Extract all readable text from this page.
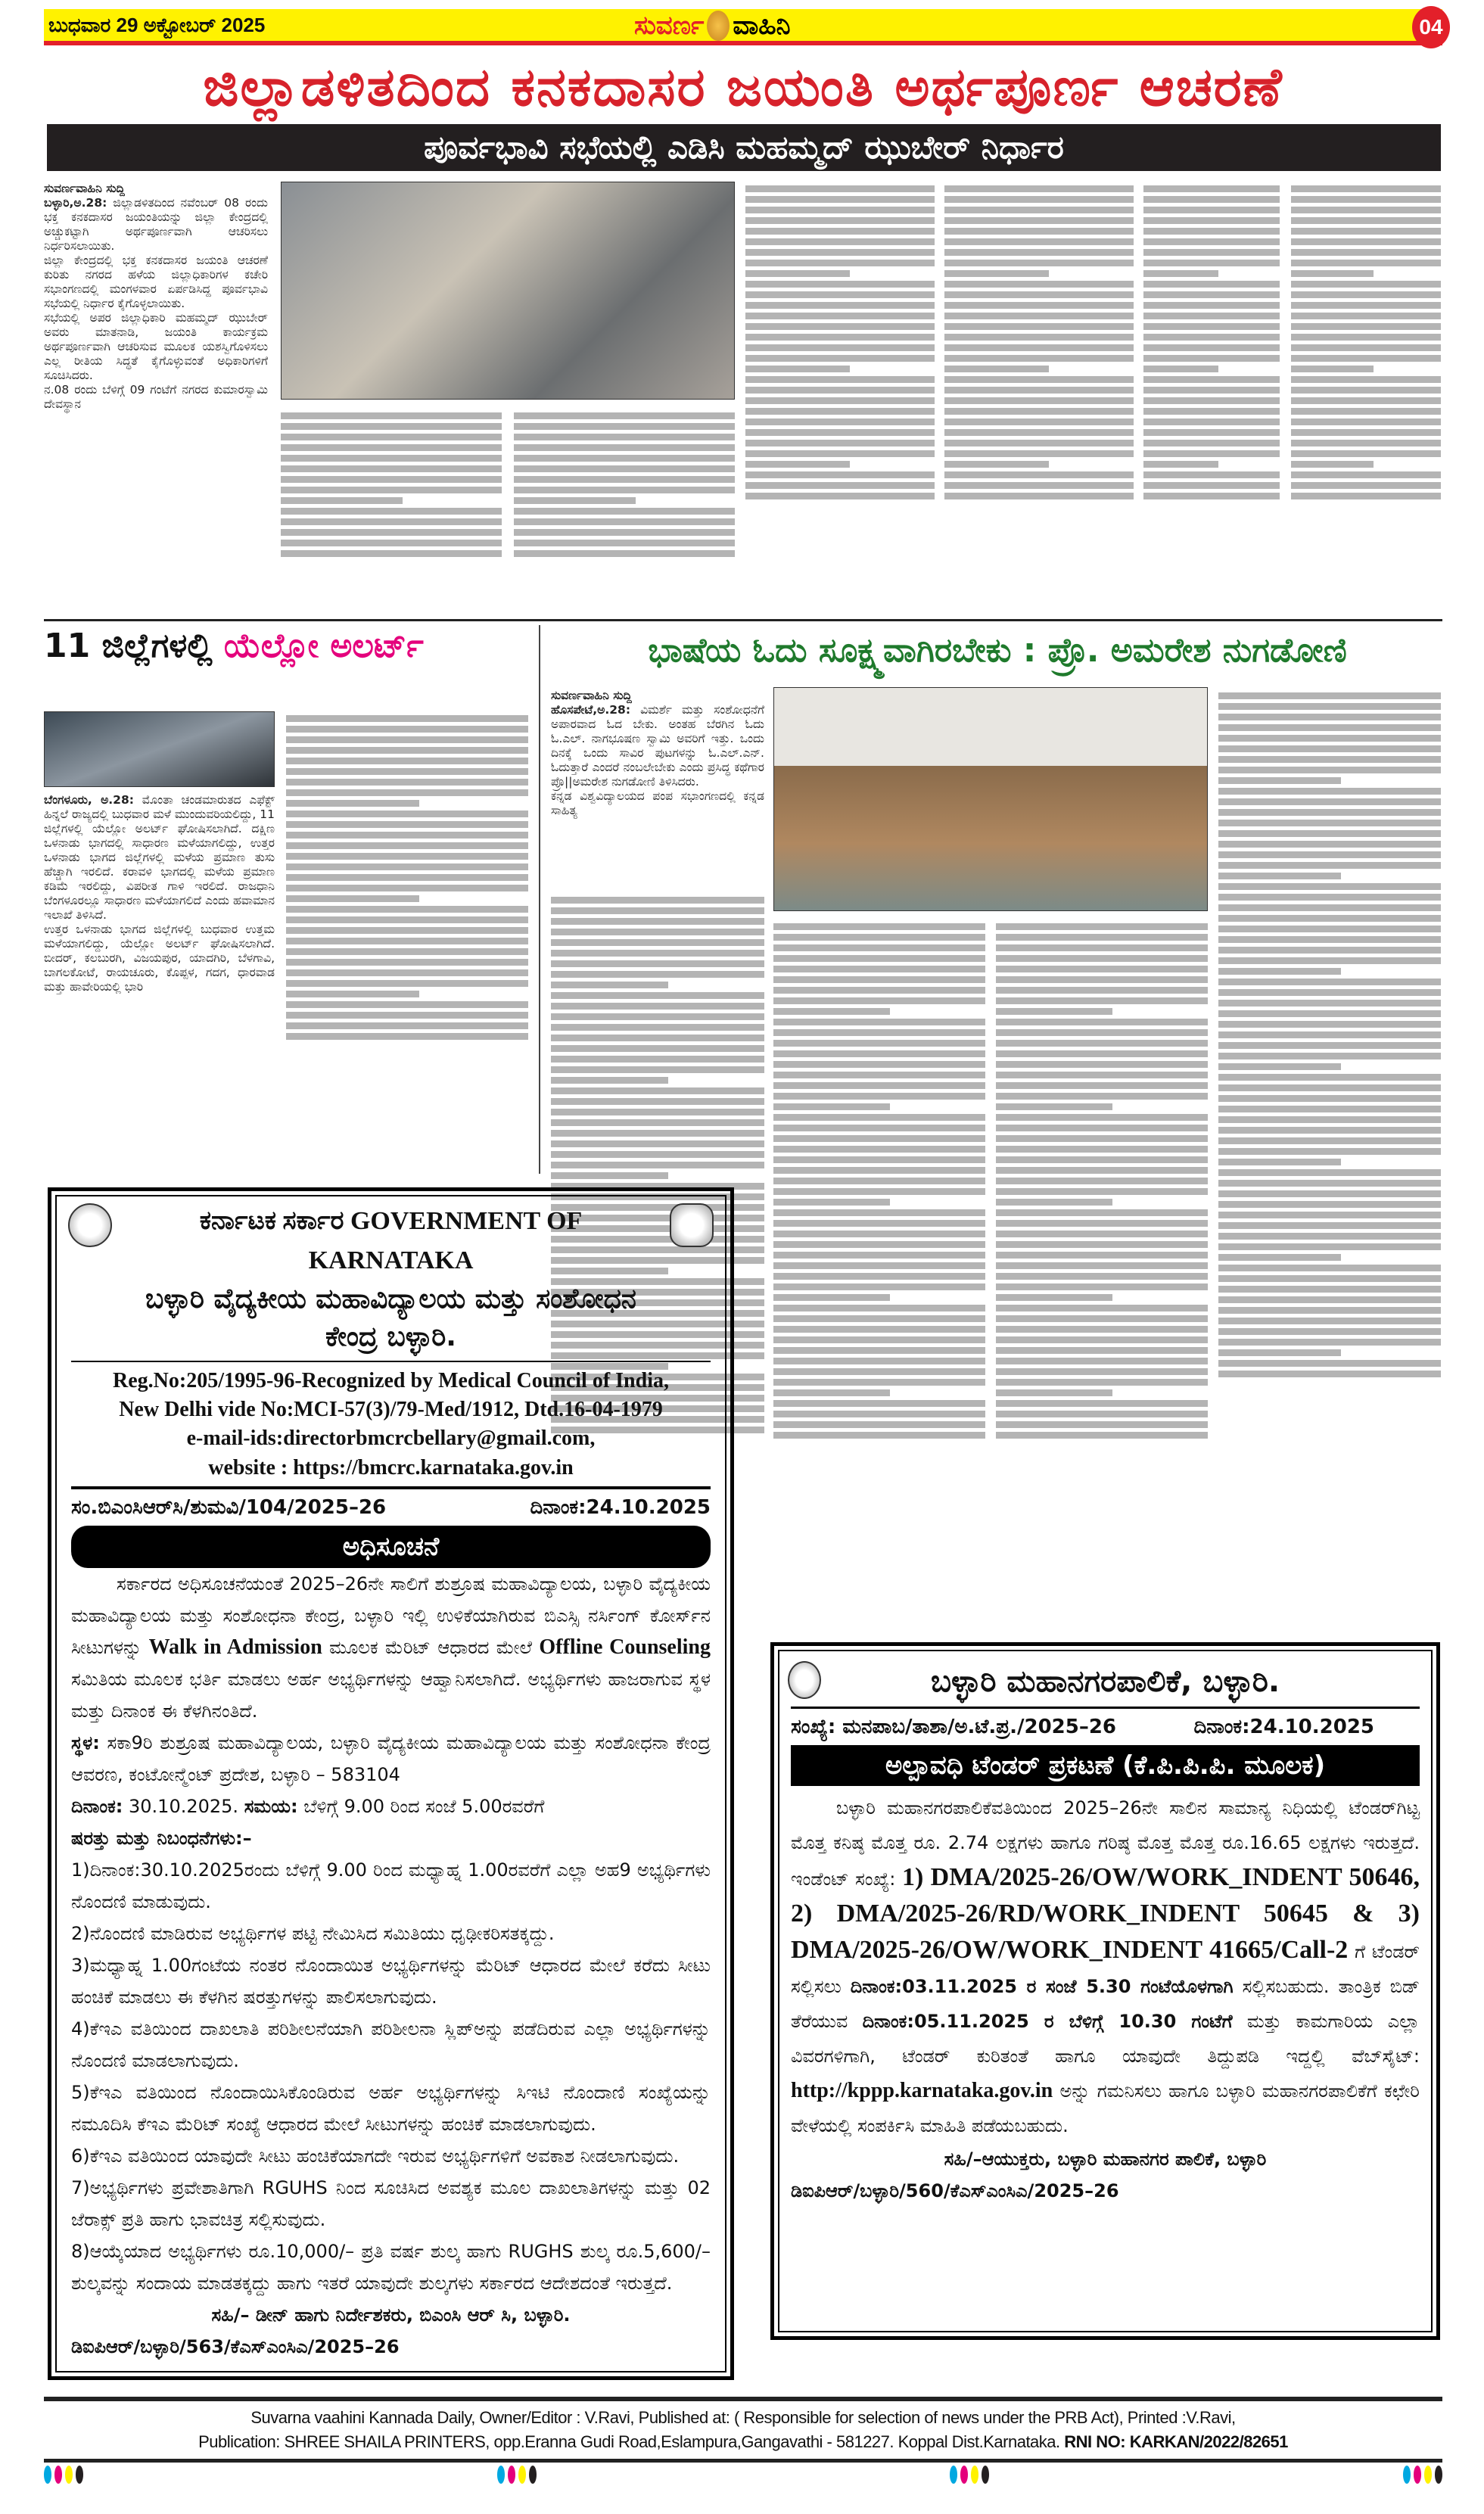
ಬುಧವಾರ 29 ಅಕ್ಟೋಬರ್ 2025	ಸುವರ್ಣ ವಾಹಿನಿ	04
ಜಿಲ್ಲಾಡಳಿತದಿಂದ ಕನಕದಾಸರ ಜಯಂತಿ ಅರ್ಥಪೂರ್ಣ ಆಚರಣೆ
ಪೂರ್ವಭಾವಿ ಸಭೆಯಲ್ಲಿ ಎಡಿಸಿ ಮಹಮ್ಮದ್ ಝುಬೇರ್ ನಿರ್ಧಾರ

ಸುವರ್ಣವಾಹಿನಿ ಸುದ್ದಿ

ಬಳ್ಳಾರಿ,ಅ.28: ಜಿಲ್ಲಾಡಳಿತದಿಂದ ನವೆಂಬರ್ 08 ರಂದು ಭಕ್ತ ಕನಕದಾಸರ ಜಯಂತಿಯನ್ನು ಜಿಲ್ಲಾ ಕೇಂದ್ರದಲ್ಲಿ ಅಚ್ಚುಕಟ್ಟಾಗಿ ಅರ್ಥಪೂರ್ಣವಾಗಿ ಆಚರಿಸಲು ನಿರ್ಧರಿಸಲಾಯಿತು.

ಜಿಲ್ಲಾ ಕೇಂದ್ರದಲ್ಲಿ ಭಕ್ತ ಕನಕದಾಸರ ಜಯಂತಿ ಆಚರಣೆ ಕುರಿತು ನಗರದ ಹಳೆಯ ಜಿಲ್ಲಾಧಿಕಾರಿಗಳ ಕಚೇರಿ ಸಭಾಂಗಣದಲ್ಲಿ ಮಂಗಳವಾರ ಏರ್ಪಡಿಸಿದ್ದ ಪೂರ್ವಭಾವಿ ಸಭೆಯಲ್ಲಿ ನಿರ್ಧಾರ ಕೈಗೊಳ್ಳಲಾಯಿತು.

ಸಭೆಯಲ್ಲಿ ಅಪರ ಜಿಲ್ಲಾಧಿಕಾರಿ ಮಹಮ್ಮದ್ ಝುಬೇರ್ ಅವರು ಮಾತನಾಡಿ, ಜಯಂತಿ ಕಾರ್ಯಕ್ರಮ ಅರ್ಥಪೂರ್ಣವಾಗಿ ಆಚರಿಸುವ ಮೂಲಕ ಯಶಸ್ವಿಗೊಳಿಸಲು ಎಲ್ಲ ರೀತಿಯ ಸಿದ್ಧತೆ ಕೈಗೊಳ್ಳುವಂತೆ ಅಧಿಕಾರಿಗಳಿಗೆ ಸೂಚಿಸಿದರು.

ನ.08 ರಂದು ಬೆಳಿಗ್ಗೆ 09 ಗಂಟೆಗೆ ನಗರದ ಕುಮಾರಸ್ವಾಮಿ ದೇವಸ್ಥಾನ

11 ಜಿಲ್ಲೆಗಳಲ್ಲಿ ಯೆಲ್ಲೋ ಅಲರ್ಟ್

ಬೆಂಗಳೂರು, ಅ.28: ಮೊಂತಾ ಚಂಡಮಾರುತದ ಎಫೆಕ್ಟ್ ಹಿನ್ನಲೆ ರಾಜ್ಯದಲ್ಲಿ ಬುಧವಾರ ಮಳೆ ಮುಂದುವರಿಯಲಿದ್ದು, 11 ಜಿಲ್ಲೆಗಳಲ್ಲಿ ಯೆಲ್ಲೋ ಅಲರ್ಟ್ ಘೋಷಿಸಲಾಗಿದೆ. ದಕ್ಷಿಣ ಒಳನಾಡು ಭಾಗದಲ್ಲಿ ಸಾಧಾರಣ ಮಳೆಯಾಗಲಿದ್ದು, ಉತ್ತರ ಒಳನಾಡು ಭಾಗದ ಜಿಲ್ಲೆಗಳಲ್ಲಿ ಮಳೆಯ ಪ್ರಮಾಣ ತುಸು ಹೆಚ್ಚಾಗಿ ಇರಲಿದೆ. ಕರಾವಳಿ ಭಾಗದಲ್ಲಿ ಮಳೆಯ ಪ್ರಮಾಣ ಕಡಿಮೆ ಇರಲಿದ್ದು, ವಿಪರೀತ ಗಾಳಿ ಇರಲಿದೆ. ರಾಜಧಾನಿ ಬೆಂಗಳೂರಲ್ಲೂ ಸಾಧಾರಣ ಮಳೆಯಾಗಲಿದೆ ಎಂದು ಹವಾಮಾನ ಇಲಾಖೆ ತಿಳಿಸಿದೆ.

ಉತ್ತರ ಒಳನಾಡು ಭಾಗದ ಜಿಲ್ಲೆಗಳಲ್ಲಿ ಬುಧವಾರ ಉತ್ತಮ ಮಳೆಯಾಗಲಿದ್ದು, ಯೆಲ್ಲೋ ಅಲರ್ಟ್ ಘೋಷಿಸಲಾಗಿದೆ. ಬೀದರ್, ಕಲಬುರಗಿ, ವಿಜಯಪುರ, ಯಾದಗಿರಿ, ಬೆಳಗಾವಿ, ಬಾಗಲಕೋಟೆ, ರಾಯಚೂರು, ಕೊಪ್ಪಳ, ಗದಗ, ಧಾರವಾಡ ಮತ್ತು ಹಾವೇರಿಯಲ್ಲಿ ಭಾರಿ

ಭಾಷೆಯ ಓದು ಸೂಕ್ಷ್ಮವಾಗಿರಬೇಕು : ಪ್ರೊ. ಅಮರೇಶ ನುಗಡೋಣಿ

ಸುವರ್ಣವಾಹಿನಿ ಸುದ್ದಿ

ಹೊಸಪೇಟೆ,ಅ.28: ವಿಮರ್ಶೆ ಮತ್ತು ಸಂಶೋಧನೆಗೆ ಅಪಾರವಾದ ಓದ ಬೇಕು. ಅಂತಹ ಬೆರಗಿನ ಓದು ಓ.ಎಲ್. ನಾಗಭೂಷಣ ಸ್ವಾಮಿ ಅವರಿಗೆ ಇತ್ತು. ಒಂದು ದಿನಕ್ಕೆ ಒಂದು ಸಾವಿರ ಪುಟಗಳನ್ನು ಓ.ಎಲ್.ಎನ್. ಓದುತ್ತಾರೆ ಎಂದರೆ ನಂಬಲೇಬೇಕು ಎಂದು ಪ್ರಸಿದ್ಧ ಕಥೆಗಾರ ಪ್ರೊ||ಅಮರೇಶ ನುಗಡೋಣಿ ತಿಳಿಸಿದರು.

ಕನ್ನಡ ವಿಶ್ವವಿದ್ಯಾಲಯದ ಪಂಪ ಸಭಾಂಗಣದಲ್ಲಿ ಕನ್ನಡ ಸಾಹಿತ್ಯ

ಕರ್ನಾಟಕ ಸರ್ಕಾರ GOVERNMENT OF KARNATAKA
ಬಳ್ಳಾರಿ ವೈದ್ಯಕೀಯ ಮಹಾವಿದ್ಯಾಲಯ ಮತ್ತು ಸಂಶೋಧನ ಕೇಂದ್ರ ಬಳ್ಳಾರಿ.
Reg.No:205/1995-96-Recognized by Medical Council of India,
New Delhi vide No:MCI-57(3)/79-Med/1912, Dtd.16-04-1979
e-mail-ids:directorbmcrcbellary@gmail.com,
website : https://bmcrc.karnataka.gov.in
ಸಂ.ಬಿಎಂಸಿಆರ್‌ಸಿ/ಶುಮವಿ/104/2025–26	ದಿನಾಂಕ:24.10.2025
ಅಧಿಸೂಚನೆ
ಸರ್ಕಾರದ ಅಧಿಸೂಚನೆಯಂತೆ 2025–26ನೇ ಸಾಲಿಗೆ ಶುಶ್ರೂಷ ಮಹಾವಿದ್ಯಾಲಯ, ಬಳ್ಳಾರಿ ವೈದ್ಯಕೀಯ ಮಹಾವಿದ್ಯಾಲಯ ಮತ್ತು ಸಂಶೋಧನಾ ಕೇಂದ್ರ, ಬಳ್ಳಾರಿ ಇಲ್ಲಿ ಉಳಿಕೆಯಾಗಿರುವ ಬಿಎಸ್ಸಿ ನರ್ಸಿಂಗ್ ಕೋರ್ಸ್‌ನ ಸೀಟುಗಳನ್ನು Walk in Admission ಮೂಲಕ ಮೆರಿಟ್ ಆಧಾರದ ಮೇಲೆ Offline Counseling ಸಮಿತಿಯ ಮೂಲಕ ಭರ್ತಿ ಮಾಡಲು ಅರ್ಹ ಅಭ್ಯರ್ಥಿಗಳನ್ನು ಆಹ್ವಾನಿಸಲಾಗಿದೆ. ಅಭ್ಯರ್ಥಿಗಳು ಹಾಜರಾಗುವ ಸ್ಥಳ ಮತ್ತು ದಿನಾಂಕ ಈ ಕೆಳಗಿನಂತಿದೆ.
ಸ್ಥಳ: ಸಕಾ9ರಿ ಶುಶ್ರೂಷ ಮಹಾವಿದ್ಯಾಲಯ, ಬಳ್ಳಾರಿ ವೈದ್ಯಕೀಯ ಮಹಾವಿದ್ಯಾಲಯ ಮತ್ತು ಸಂಶೋಧನಾ ಕೇಂದ್ರ ಆವರಣ, ಕಂಟೋನ್ಮೆಂಟ್ ಪ್ರದೇಶ, ಬಳ್ಳಾರಿ – 583104
ದಿನಾಂಕ: 30.10.2025. ಸಮಯ: ಬೆಳಿಗ್ಗೆ 9.00 ರಿಂದ ಸಂಜೆ 5.00ರವರೆಗೆ
ಷರತ್ತು ಮತ್ತು ನಿಬಂಧನೆಗಳು:–
1)ದಿನಾಂಕ:30.10.2025ರಂದು ಬೆಳಿಗ್ಗೆ 9.00 ರಿಂದ ಮಧ್ಯಾಹ್ನ 1.00ರವರೆಗೆ ಎಲ್ಲಾ ಅಹ9 ಅಭ್ಯರ್ಥಿಗಳು ನೊಂದಣಿ ಮಾಡುವುದು.
2)ನೊಂದಣಿ ಮಾಡಿರುವ ಅಭ್ಯರ್ಥಿಗಳ ಪಟ್ಟಿ ನೇಮಿಸಿದ ಸಮಿತಿಯು ಧೃಢೀಕರಿಸತಕ್ಕದ್ದು.
3)ಮಧ್ಯಾಹ್ನ 1.00ಗಂಟೆಯ ನಂತರ ನೊಂದಾಯಿತ ಅಭ್ಯರ್ಥಿಗಳನ್ನು ಮೆರಿಟ್ ಆಧಾರದ ಮೇಲೆ ಕರೆದು ಸೀಟು ಹಂಚಿಕೆ ಮಾಡಲು ಈ ಕೆಳಗಿನ ಷರತ್ತುಗಳನ್ನು ಪಾಲಿಸಲಾಗುವುದು.
4)ಕೆಇಎ ವತಿಯಿಂದ ದಾಖಲಾತಿ ಪರಿಶೀಲನೆಯಾಗಿ ಪರಿಶೀಲನಾ ಸ್ಲಿಪ್‌ಅನ್ನು ಪಡೆದಿರುವ ಎಲ್ಲಾ ಅಭ್ಯರ್ಥಿಗಳನ್ನು ನೊಂದಣಿ ಮಾಡಲಾಗುವುದು.
5)ಕೆಇಎ ವತಿಯಿಂದ ನೊಂದಾಯಿಸಿಕೊಂಡಿರುವ ಅರ್ಹ ಅಭ್ಯರ್ಥಿಗಳನ್ನು ಸಿಇಟಿ ನೊಂದಾಣಿ ಸಂಖ್ಯೆಯನ್ನು ನಮೂದಿಸಿ ಕೆಇಎ ಮೆರಿಟ್ ಸಂಖ್ಯೆ ಆಧಾರದ ಮೇಲೆ ಸೀಟುಗಳನ್ನು ಹಂಚಿಕೆ ಮಾಡಲಾಗುವುದು.
6)ಕೆಇಎ ವತಿಯಿಂದ ಯಾವುದೇ ಸೀಟು ಹಂಚಿಕೆಯಾಗದೇ ಇರುವ ಅಭ್ಯರ್ಥಿಗಳಿಗೆ ಅವಕಾಶ ನೀಡಲಾಗುವುದು.
7)ಅಭ್ಯರ್ಥಿಗಳು ಪ್ರವೇಶಾತಿಗಾಗಿ RGUHS ನಿಂದ ಸೂಚಿಸಿದ ಅವಶ್ಯಕ ಮೂಲ ದಾಖಲಾತಿಗಳನ್ನು ಮತ್ತು 02 ಜೆರಾಕ್ಸ್ ಪ್ರತಿ ಹಾಗು ಭಾವಚಿತ್ರ ಸಲ್ಲಿಸುವುದು.
8)ಆಯ್ಕೆಯಾದ ಅಭ್ಯರ್ಥಿಗಳು ರೂ.10,000/– ಪ್ರತಿ ವರ್ಷ ಶುಲ್ಕ ಹಾಗು RUGHS ಶುಲ್ಕ ರೂ.5,600/– ಶುಲ್ಕವನ್ನು ಸಂದಾಯ ಮಾಡತಕ್ಕದ್ದು ಹಾಗು ಇತರೆ ಯಾವುದೇ ಶುಲ್ಕಗಳು ಸರ್ಕಾರದ ಆದೇಶದಂತೆ ಇರುತ್ತದೆ.
ಸಹಿ/– ಡೀನ್ ಹಾಗು ನಿರ್ದೇಶಕರು, ಬಿಎಂಸಿ ಆರ್ ಸಿ, ಬಳ್ಳಾರಿ.
ಡಿಐಪಿಆರ್/ಬಳ್ಳಾರಿ/563/ಕೆಎಸ್‌ಎಂಸಿಎ/2025–26
ಬಳ್ಳಾರಿ ಮಹಾನಗರಪಾಲಿಕೆ, ಬಳ್ಳಾರಿ.
ಸಂಖ್ಯೆ: ಮನಪಾಬ/ತಾಶಾ/ಅ.ಟೆ.ಪ್ರ./2025–26	ದಿನಾಂಕ:24.10.2025
ಅಲ್ಪಾವಧಿ ಟೆಂಡರ್ ಪ್ರಕಟಣೆ (ಕೆ.ಪಿ.ಪಿ.ಪಿ. ಮೂಲಕ)
ಬಳ್ಳಾರಿ ಮಹಾನಗರಪಾಲಿಕೆವತಿಯಿಂದ 2025–26ನೇ ಸಾಲಿನ ಸಾಮಾನ್ಯ ನಿಧಿಯಲ್ಲಿ ಟೆಂಡರ್‌ಗಿಟ್ಟ ಮೊತ್ತ ಕನಿಷ್ಠ ಮೊತ್ತ ರೂ. 2.74 ಲಕ್ಷಗಳು ಹಾಗೂ ಗರಿಷ್ಠ ಮೊತ್ತ ಮೊತ್ತ ರೂ.16.65 ಲಕ್ಷಗಳು ಇರುತ್ತದೆ. ಇಂಡೆಂಟ್ ಸಂಖ್ಯೆ: 1) DMA/2025-26/OW/WORK_INDENT 50646, 2) DMA/2025-26/RD/WORK_INDENT 50645 & 3) DMA/2025-26/OW/WORK_INDENT 41665/Call-2 ಗೆ ಟೆಂಡರ್ ಸಲ್ಲಿಸಲು ದಿನಾಂಕ:03.11.2025 ರ ಸಂಜೆ 5.30 ಗಂಟೆಯೊಳಗಾಗಿ ಸಲ್ಲಿಸಬಹುದು. ತಾಂತ್ರಿಕ ಬಿಡ್ ತೆರೆಯುವ ದಿನಾಂಕ:05.11.2025 ರ ಬೆಳಿಗ್ಗೆ 10.30 ಗಂಟೆಗೆ ಮತ್ತು ಕಾಮಗಾರಿಯ ಎಲ್ಲಾ ವಿವರಗಳಿಗಾಗಿ, ಟೆಂಡರ್ ಕುರಿತಂತೆ ಹಾಗೂ ಯಾವುದೇ ತಿದ್ದುಪಡಿ ಇದ್ದಲ್ಲಿ ವೆಬ್‌ಸೈಟ್: http://kppp.karnataka.gov.in ಅನ್ನು ಗಮನಿಸಲು ಹಾಗೂ ಬಳ್ಳಾರಿ ಮಹಾನಗರಪಾಲಿಕೆಗೆ ಕಛೇರಿ ವೇಳೆಯಲ್ಲಿ ಸಂಪರ್ಕಿಸಿ ಮಾಹಿತಿ ಪಡೆಯಬಹುದು.
ಸಹಿ/–ಆಯುಕ್ತರು, ಬಳ್ಳಾರಿ ಮಹಾನಗರ ಪಾಲಿಕೆ, ಬಳ್ಳಾರಿ
ಡಿಐಪಿಆರ್/ಬಳ್ಳಾರಿ/560/ಕೆಎಸ್‌ಎಂಸಿಎ/2025–26
Suvarna vaahini Kannada Daily, Owner/Editor : V.Ravi, Published at: ( Responsible for selection of news under the PRB Act), Printed :V.Ravi,
Publication: SHREE SHAILA PRINTERS, opp.Eranna Gudi Road,Eslampura,Gangavathi - 581227. Koppal Dist.Karnataka. RNI NO: KARKAN/2022/82651
